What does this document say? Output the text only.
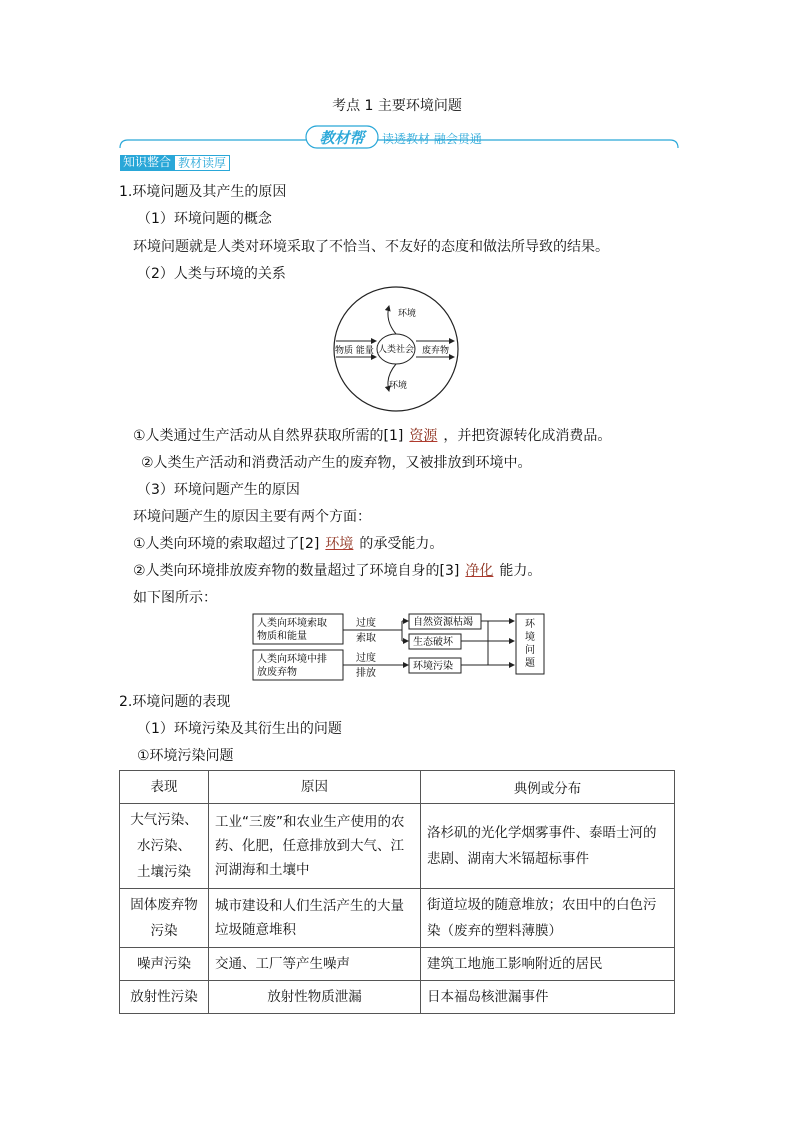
考点 1 主要环境问题
教材帮 读透教材 融会贯通
知识整合 教材读厚
1.环境问题及其产生的原因
（1）环境问题的概念
环境问题就是人类对环境采取了不恰当、不友好的态度和做法所导致的结果。
（2）人类与环境的关系
环境
环境
人类社会
物质 能量	废弃物
①人类通过生产活动从自然界获取所需的[1] 资源 ，并把资源转化成消费品。
②人类生产活动和消费活动产生的废弃物，又被排放到环境中。
（3）环境问题产生的原因
环境问题产生的原因主要有两个方面：
①人类向环境的索取超过了[2] 环境 的承受能力。
②人类向环境排放废弃物的数量超过了环境自身的[3] 净化 能力。
如下图所示：
人类向环境索取
物质和能量
人类向环境中排
放废弃物
过度
索取
过度
排放
自然资源枯竭
生态破坏
环境污染
环
境
问
题
2.环境问题的表现
（1）环境污染及其衍生出的问题
①环境污染问题
表现	原因	典例或分布

大气污染、
水污染、
土壤污染	工业“三废”和农业生产使用的农药、化肥，任意排放到大气、江河湖海和土壤中	洛杉矶的光化学烟雾事件、泰晤士河的悲剧、湖南大米镉超标事件

固体废弃物
污染	城市建设和人们生活产生的大量垃圾随意堆积	街道垃圾的随意堆放；农田中的白色污染（废弃的塑料薄膜）

噪声污染	交通、工厂等产生噪声	建筑工地施工影响附近的居民

放射性污染	放射性物质泄漏	日本福岛核泄漏事件
